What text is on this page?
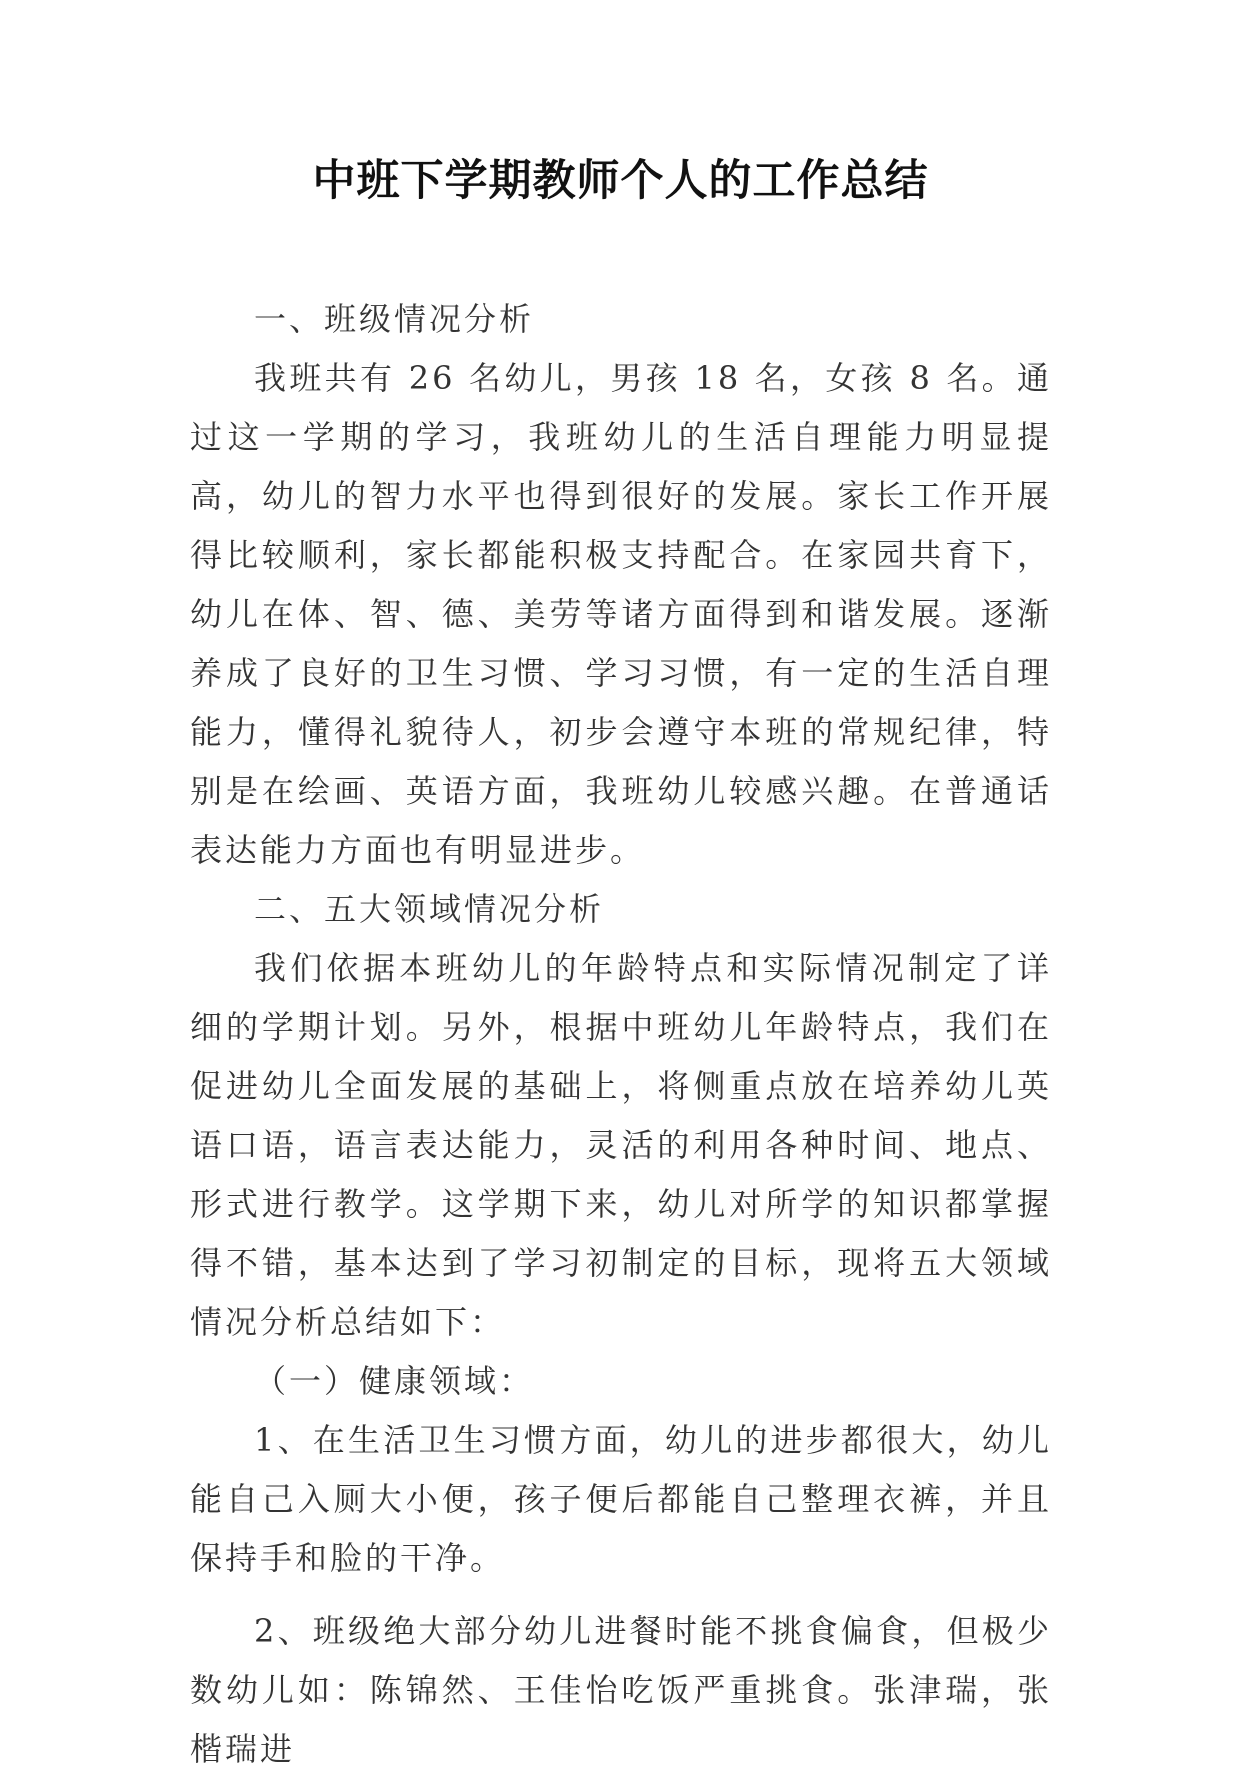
中班下学期教师个人的工作总结

一、班级情况分析

我班共有 26 名幼儿，男孩 18 名，女孩 8 名。通过这一学期的学习，我班幼儿的生活自理能力明显提高，幼儿的智力水平也得到很好的发展。家长工作开展得比较顺利，家长都能积极支持配合。在家园共育下，幼儿在体、智、德、美劳等诸方面得到和谐发展。逐渐养成了良好的卫生习惯、学习习惯，有一定的生活自理能力，懂得礼貌待人，初步会遵守本班的常规纪律，特别是在绘画、英语方面，我班幼儿较感兴趣。在普通话表达能力方面也有明显进步。

二、五大领域情况分析

我们依据本班幼儿的年龄特点和实际情况制定了详细的学期计划。另外，根据中班幼儿年龄特点，我们在促进幼儿全面发展的基础上，将侧重点放在培养幼儿英语口语，语言表达能力，灵活的利用各种时间、地点、形式进行教学。这学期下来，幼儿对所学的知识都掌握得不错，基本达到了学习初制定的目标，现将五大领域情况分析总结如下：

（一）健康领域：

1、在生活卫生习惯方面，幼儿的进步都很大，幼儿能自己入厕大小便，孩子便后都能自己整理衣裤，并且保持手和脸的干净。

2、班级绝大部分幼儿进餐时能不挑食偏食，但极少数幼儿如：陈锦然、王佳怡吃饭严重挑食。张津瑞，张楷瑞进
